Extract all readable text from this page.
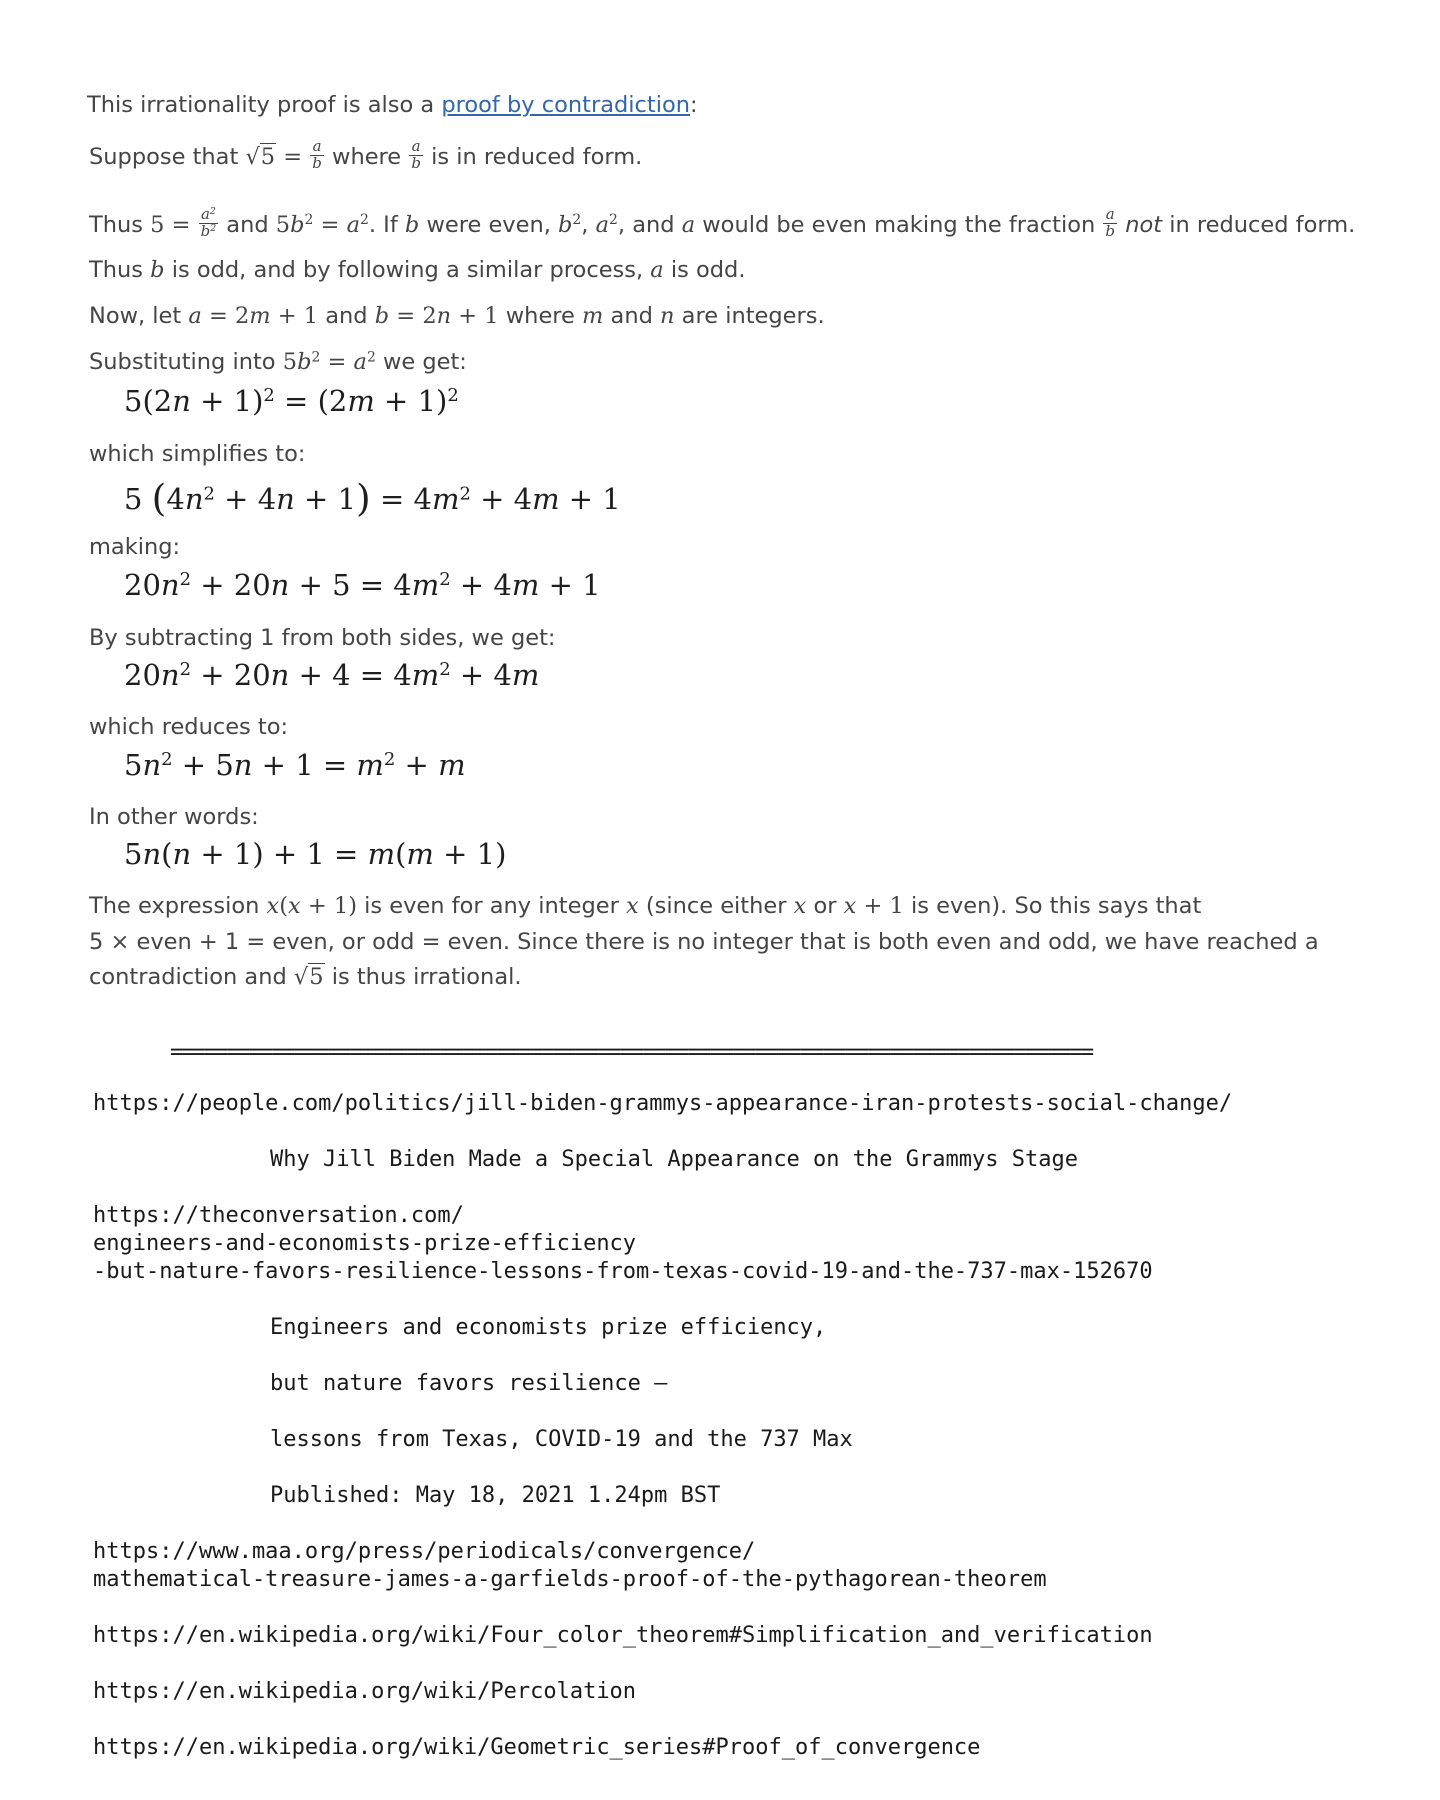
This irrationality proof is also a proof by contradiction:
Suppose that $√5 = \frac{a}{b}$ where $\frac{a}{b}$ is in reduced form.
Thus $5 = \frac{a^2}{b^2}$ and $5b^2 = a^2$. If b were even, $b^2$, $a^2$, and a would be even making the fraction $\frac{a}{b}$ not in reduced form.
Thus b is odd, and by following a similar process, a is odd.
Now, let a = 2m + 1 and b = 2n + 1 where m and n are integers.
Substituting into $5b^2 = a^2$ we get:
$5(2n + 1)^2 = (2m + 1)^2$
which simplifies to:
5 $(4n^2 + 4n + 1) = 4m^2 + 4m + 1$
making:
$20n^2 + 20n + 5 = 4m^2 + 4m + 1$
By subtracting 1 from both sides, we get:
$20n^2 + 20n + 4 = 4m^2 + 4m$
which reduces to:
$5n^2 + 5n + 1 = m^2 + m$
In other words:
5n(n + 1) + 1 = m(m + 1)
The expression x(x + 1) is even for any integer x (since either x or x + 1 is even). So this says that
5 × even + 1 = even, or odd = even. Since there is no integer that is both even and odd, we have reached a
contradiction and √5 is thus irrational.
==================================================================================
https://people.com/politics/jill-biden-grammys-appearance-iran-protests-social-change/
Why Jill Biden Made a Special Appearance on the Grammys Stage
https://theconversation.com/
engineers-and-economists-prize-efficiency
-but-nature-favors-resilience-lessons-from-texas-covid-19-and-the-737-max-152670
Engineers and economists prize efficiency,
but nature favors resilience –
lessons from Texas, COVID-19 and the 737 Max
Published: May 18, 2021 1.24pm BST
https://www.maa.org/press/periodicals/convergence/
mathematical-treasure-james-a-garfields-proof-of-the-pythagorean-theorem
https://en.wikipedia.org/wiki/Four_color_theorem#Simplification_and_verification
https://en.wikipedia.org/wiki/Percolation
https://en.wikipedia.org/wiki/Geometric_series#Proof_of_convergence
